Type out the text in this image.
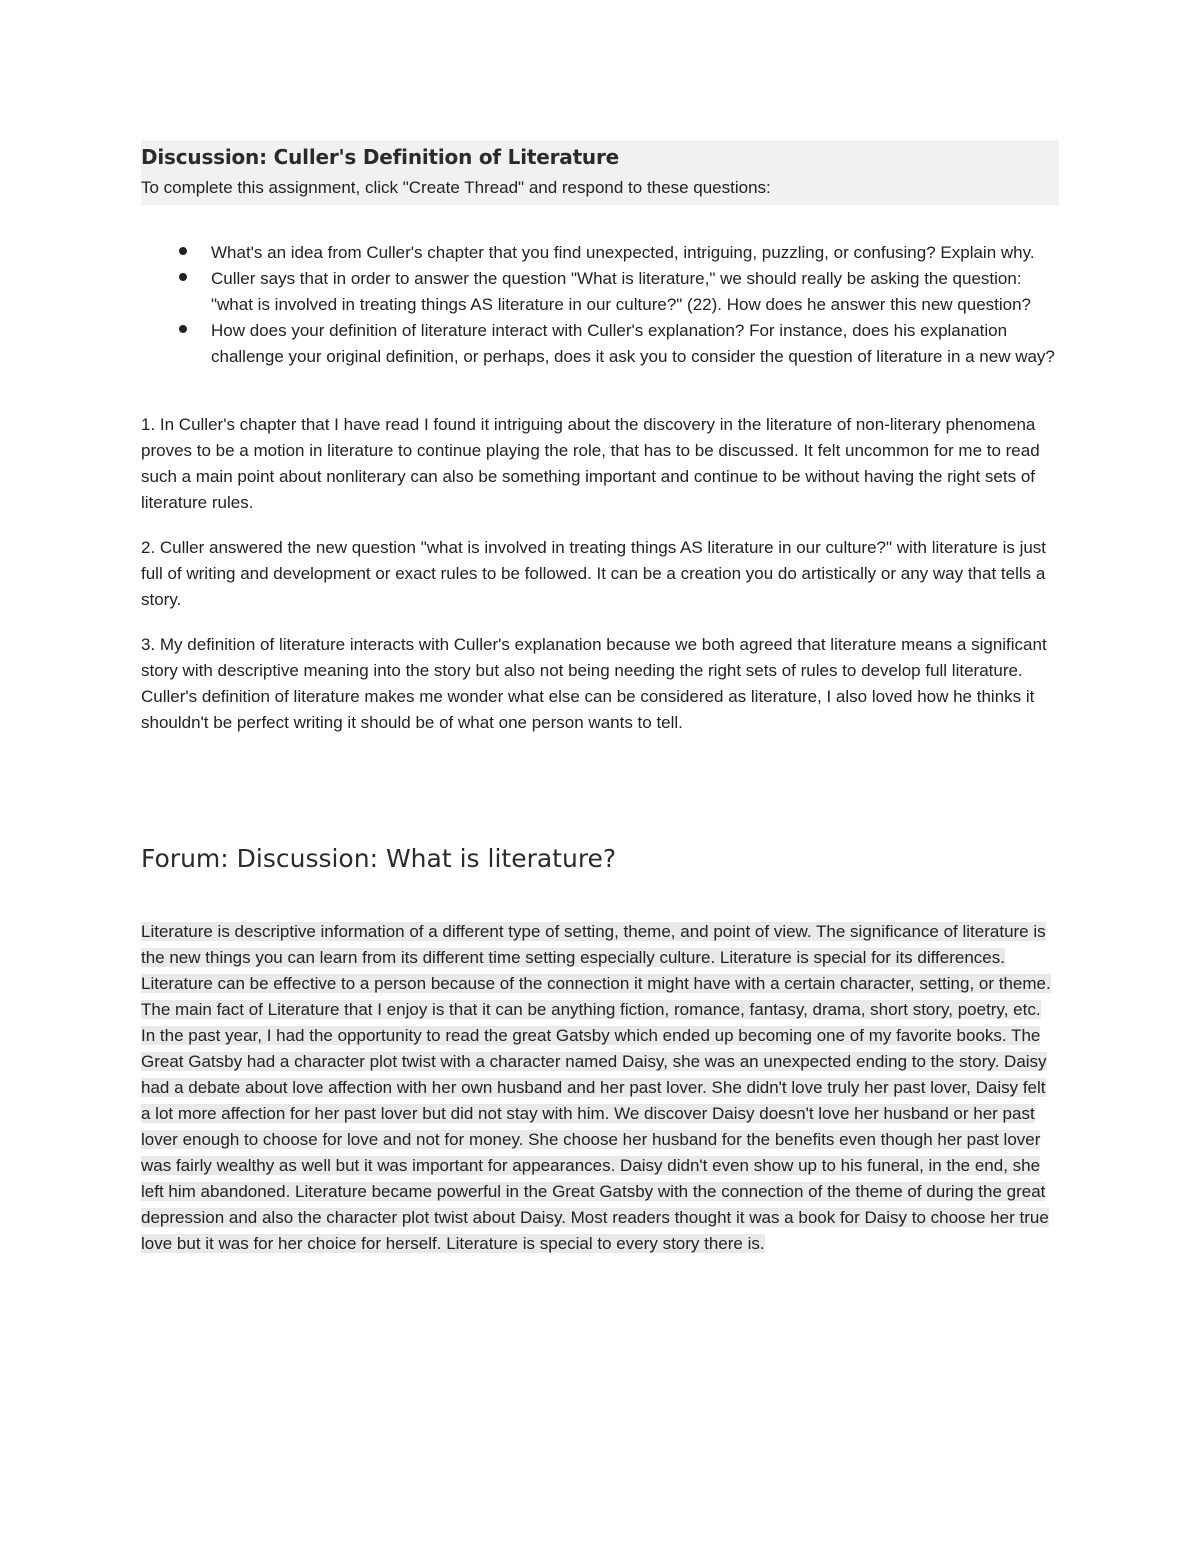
Discussion: Culler's Definition of Literature

To complete this assignment, click "Create Thread" and respond to these questions:

What's an idea from Culler's chapter that you find unexpected, intriguing, puzzling, or confusing? Explain why.
Culler says that in order to answer the question "What is literature," we should really be asking the question: "what is involved in treating things AS literature in our culture?" (22). How does he answer this new question?
How does your definition of literature interact with Culler's explanation? For instance, does his explanation challenge your original definition, or perhaps, does it ask you to consider the question of literature in a new way?

1. In Culler's chapter that I have read I found it intriguing about the discovery in the literature of non-literary phenomena proves to be a motion in literature to continue playing the role, that has to be discussed. It felt uncommon for me to read such a main point about nonliterary can also be something important and continue to be without having the right sets of literature rules.

2. Culler answered the new question "what is involved in treating things AS literature in our culture?" with literature is just full of writing and development or exact rules to be followed. It can be a creation you do artistically or any way that tells a story.

3. My definition of literature interacts with Culler's explanation because we both agreed that literature means a significant story with descriptive meaning into the story but also not being needing the right sets of rules to develop full literature. Culler's definition of literature makes me wonder what else can be considered as literature, I also loved how he thinks it shouldn't be perfect writing it should be of what one person wants to tell.

Forum: Discussion: What is literature?
Literature is descriptive information of a different type of setting, theme, and point of view. The significance of literature is the new things you can learn from its different time setting especially culture. Literature is special for its differences. Literature can be effective to a person because of the connection it might have with a certain character, setting, or theme. The main fact of Literature that I enjoy is that it can be anything fiction, romance, fantasy, drama, short story, poetry, etc. In the past year, I had the opportunity to read the great Gatsby which ended up becoming one of my favorite books. The Great Gatsby had a character plot twist with a character named Daisy, she was an unexpected ending to the story. Daisy had a debate about love affection with her own husband and her past lover. She didn't love truly her past lover, Daisy felt a lot more affection for her past lover but did not stay with him. We discover Daisy doesn't love her husband or her past lover enough to choose for love and not for money. She choose her husband for the benefits even though her past lover was fairly wealthy as well but it was important for appearances. Daisy didn't even show up to his funeral, in the end, she left him abandoned. Literature became powerful in the Great Gatsby with the connection of the theme of during the great depression and also the character plot twist about Daisy. Most readers thought it was a book for Daisy to choose her true love but it was for her choice for herself. Literature is special to every story there is.
